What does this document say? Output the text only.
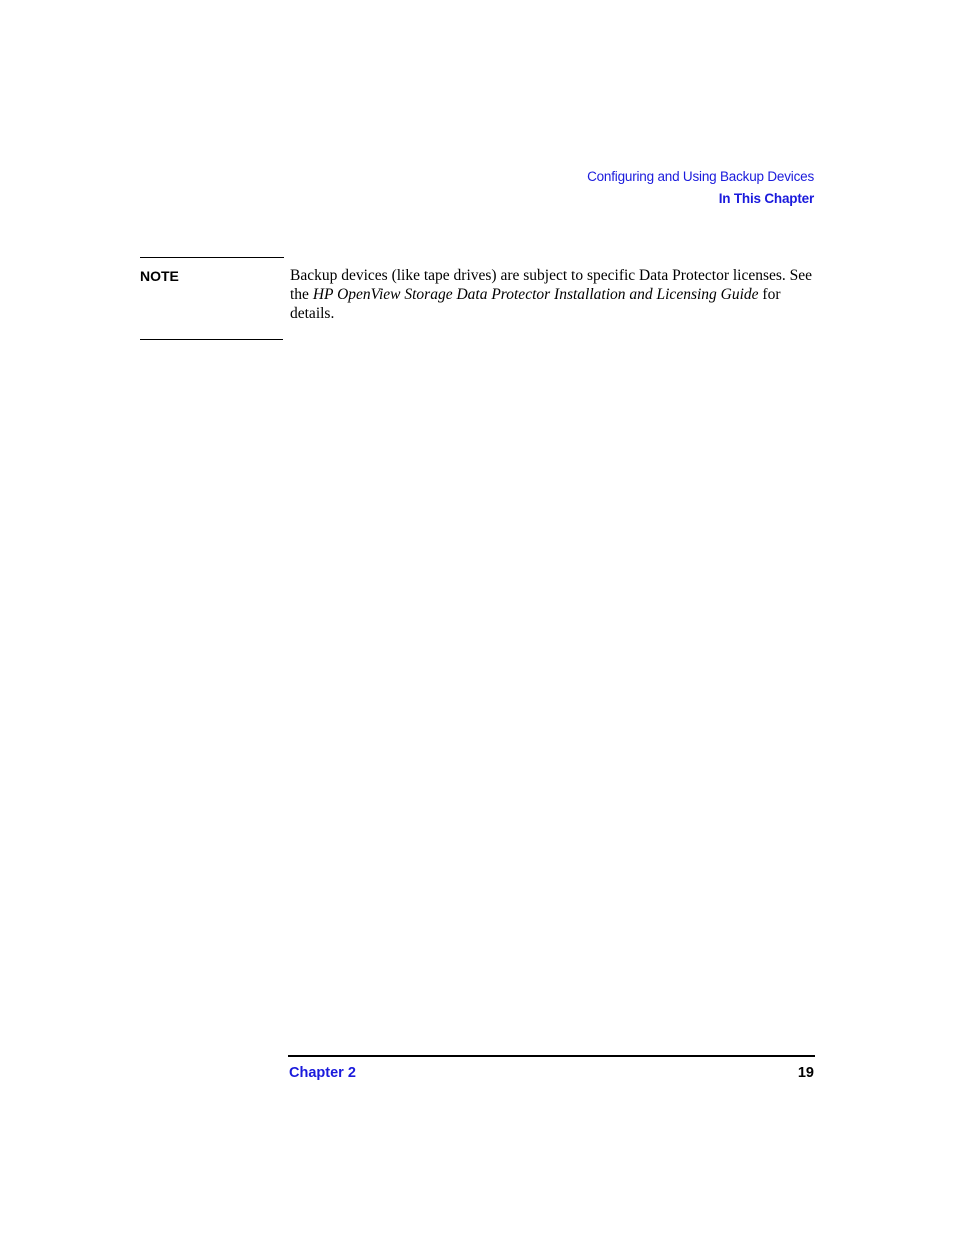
Configuring and Using Backup Devices
In This Chapter
NOTE	Backup devices (like tape drives) are subject to specific Data Protector licenses. See the HP OpenView Storage Data Protector Installation and Licensing Guide for details.

Chapter 2	19
